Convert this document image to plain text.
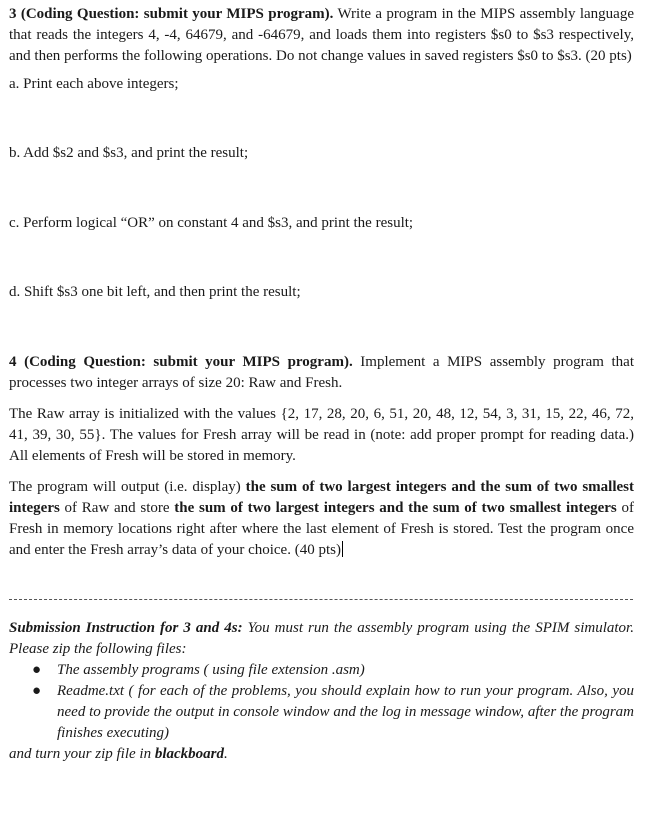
3 (Coding Question: submit your MIPS program). Write a program in the MIPS assembly language that reads the integers 4, -4, 64679, and -64679, and loads them into registers $s0 to $s3 respectively, and then performs the following operations. Do not change values in saved registers $s0 to $s3. (20 pts)

a. Print each above integers;

b. Add $s2 and $s3, and print the result;

c. Perform logical “OR” on constant 4 and $s3, and print the result;

d. Shift $s3 one bit left, and then print the result;

4 (Coding Question: submit your MIPS program). Implement a MIPS assembly program that processes two integer arrays of size 20: Raw and Fresh.

The Raw array is initialized with the values {2, 17, 28, 20, 6, 51, 20, 48, 12, 54, 3, 31, 15, 22, 46, 72, 41, 39, 30, 55}. The values for Fresh array will be read in (note: add proper prompt for reading data.) All elements of Fresh will be stored in memory.

The program will output (i.e. display) the sum of two largest integers and the sum of two smallest integers of Raw and store the sum of two largest integers and the sum of two smallest integers of Fresh in memory locations right after where the last element of Fresh is stored. Test the program once and enter the Fresh array’s data of your choice. (40 pts)

Submission Instruction for 3 and 4s: You must run the assembly program using the SPIM simulator. Please zip the following files:

● The assembly programs ( using file extension .asm)
● Readme.txt ( for each of the problems, you should explain how to run your program. Also, you need to provide the output in console window and the log in message window, after the program finishes executing)

and turn your zip file in blackboard.
